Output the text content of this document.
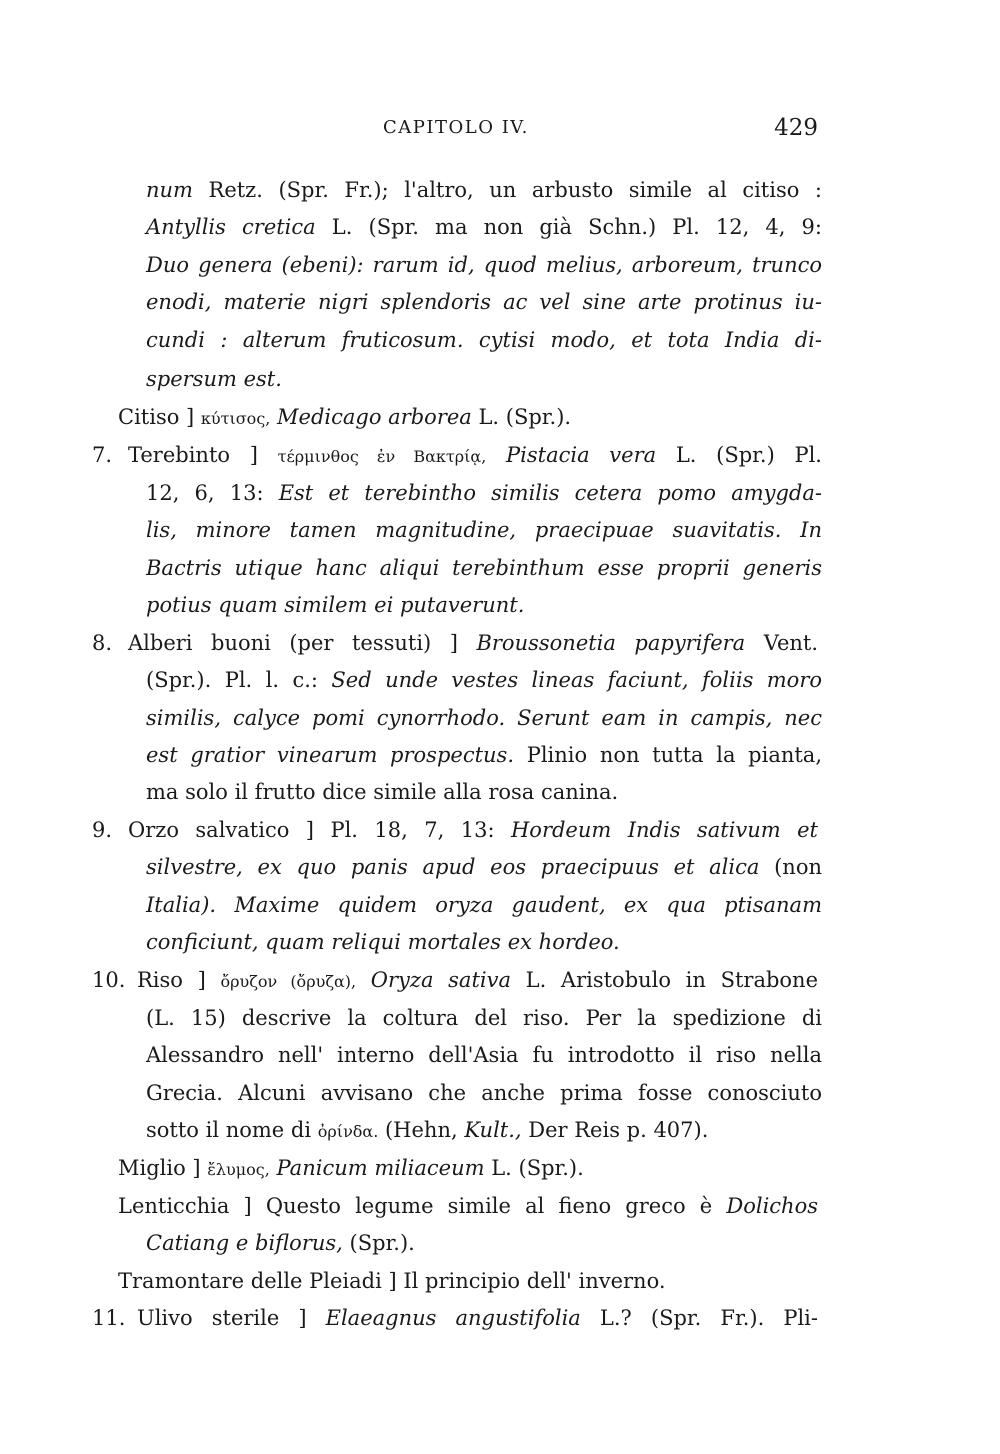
CAPITOLO IV.	429
num Retz. (Spr. Fr.); l'altro, un arbusto simile al citiso :
Antyllis cretica L. (Spr. ma non già Schn.) Pl. 12, 4, 9:
Duo genera (ebeni): rarum id, quod melius, arboreum, trunco
enodi, materie nigri splendoris ac vel sine arte protinus iu-
cundi : alterum fruticosum. cytisi modo, et tota India di-
spersum est.
Citiso ] κύτισος, Medicago arborea L. (Spr.).
7. Terebinto ] τέρμινθος ἐν Βακτρίᾳ, Pistacia vera L. (Spr.) Pl.
12, 6, 13: Est et terebintho similis cetera pomo amygda-
lis, minore tamen magnitudine, praecipuae suavitatis. In
Bactris utique hanc aliqui terebinthum esse proprii generis
potius quam similem ei putaverunt.
8. Alberi buoni (per tessuti) ] Broussonetia papyrifera Vent.
(Spr.). Pl. l. c.: Sed unde vestes lineas faciunt, foliis moro
similis, calyce pomi cynorrhodo. Serunt eam in campis, nec
est gratior vinearum prospectus. Plinio non tutta la pianta,
ma solo il frutto dice simile alla rosa canina.
9. Orzo salvatico ] Pl. 18, 7, 13: Hordeum Indis sativum et
silvestre, ex quo panis apud eos praecipuus et alica (non
Italia). Maxime quidem oryza gaudent, ex qua ptisanam
conficiunt, quam reliqui mortales ex hordeo.
10. Riso ] ὄρυζον (ὄρυζα), Oryza sativa L. Aristobulo in Strabone
(L. 15) descrive la coltura del riso. Per la spedizione di
Alessandro nell' interno dell'Asia fu introdotto il riso nella
Grecia. Alcuni avvisano che anche prima fosse conosciuto
sotto il nome di ὀρίνδα. (Hehn, Kult., Der Reis p. 407).
Miglio ] ἔλυμος, Panicum miliaceum L. (Spr.).
Lenticchia ] Questo legume simile al fieno greco è Dolichos
Catiang e biflorus, (Spr.).
Tramontare delle Pleiadi ] Il principio dell' inverno.
11. Ulivo sterile ] Elaeagnus angustifolia L.? (Spr. Fr.). Pli-
